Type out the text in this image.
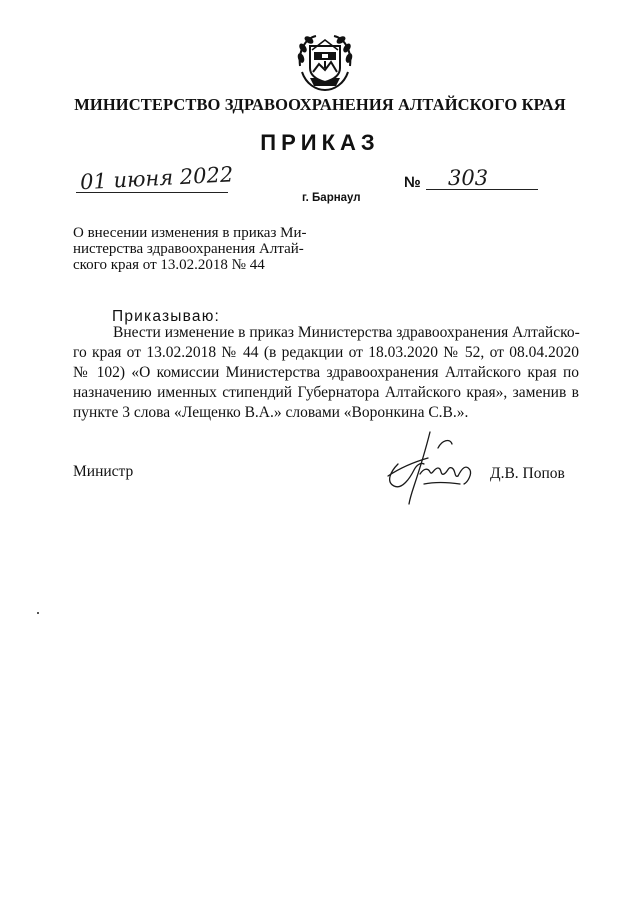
МИНИСТЕРСТВО ЗДРАВООХРАНЕНИЯ АЛТАЙСКОГО КРАЯ
ПРИКАЗ
01 июня 2022
г. Барнаул
№ 303
О внесении изменения в приказ Ми-
нистерства здравоохранения Алтай-
ского края от 13.02.2018 № 44
Приказываю:
Внести изменение в приказ Министерства здравоохранения Алтайско-
го края от 13.02.2018 № 44 (в редакции от 18.03.2020 № 52, от 08.04.2020
№ 102) «О комиссии Министерства здравоохранения Алтайского края по
назначению именных стипендий Губернатора Алтайского края», заменив в
пункте 3 слова «Лещенко В.А.» словами «Воронкина С.В.».
Министр	Д.В. Попов
